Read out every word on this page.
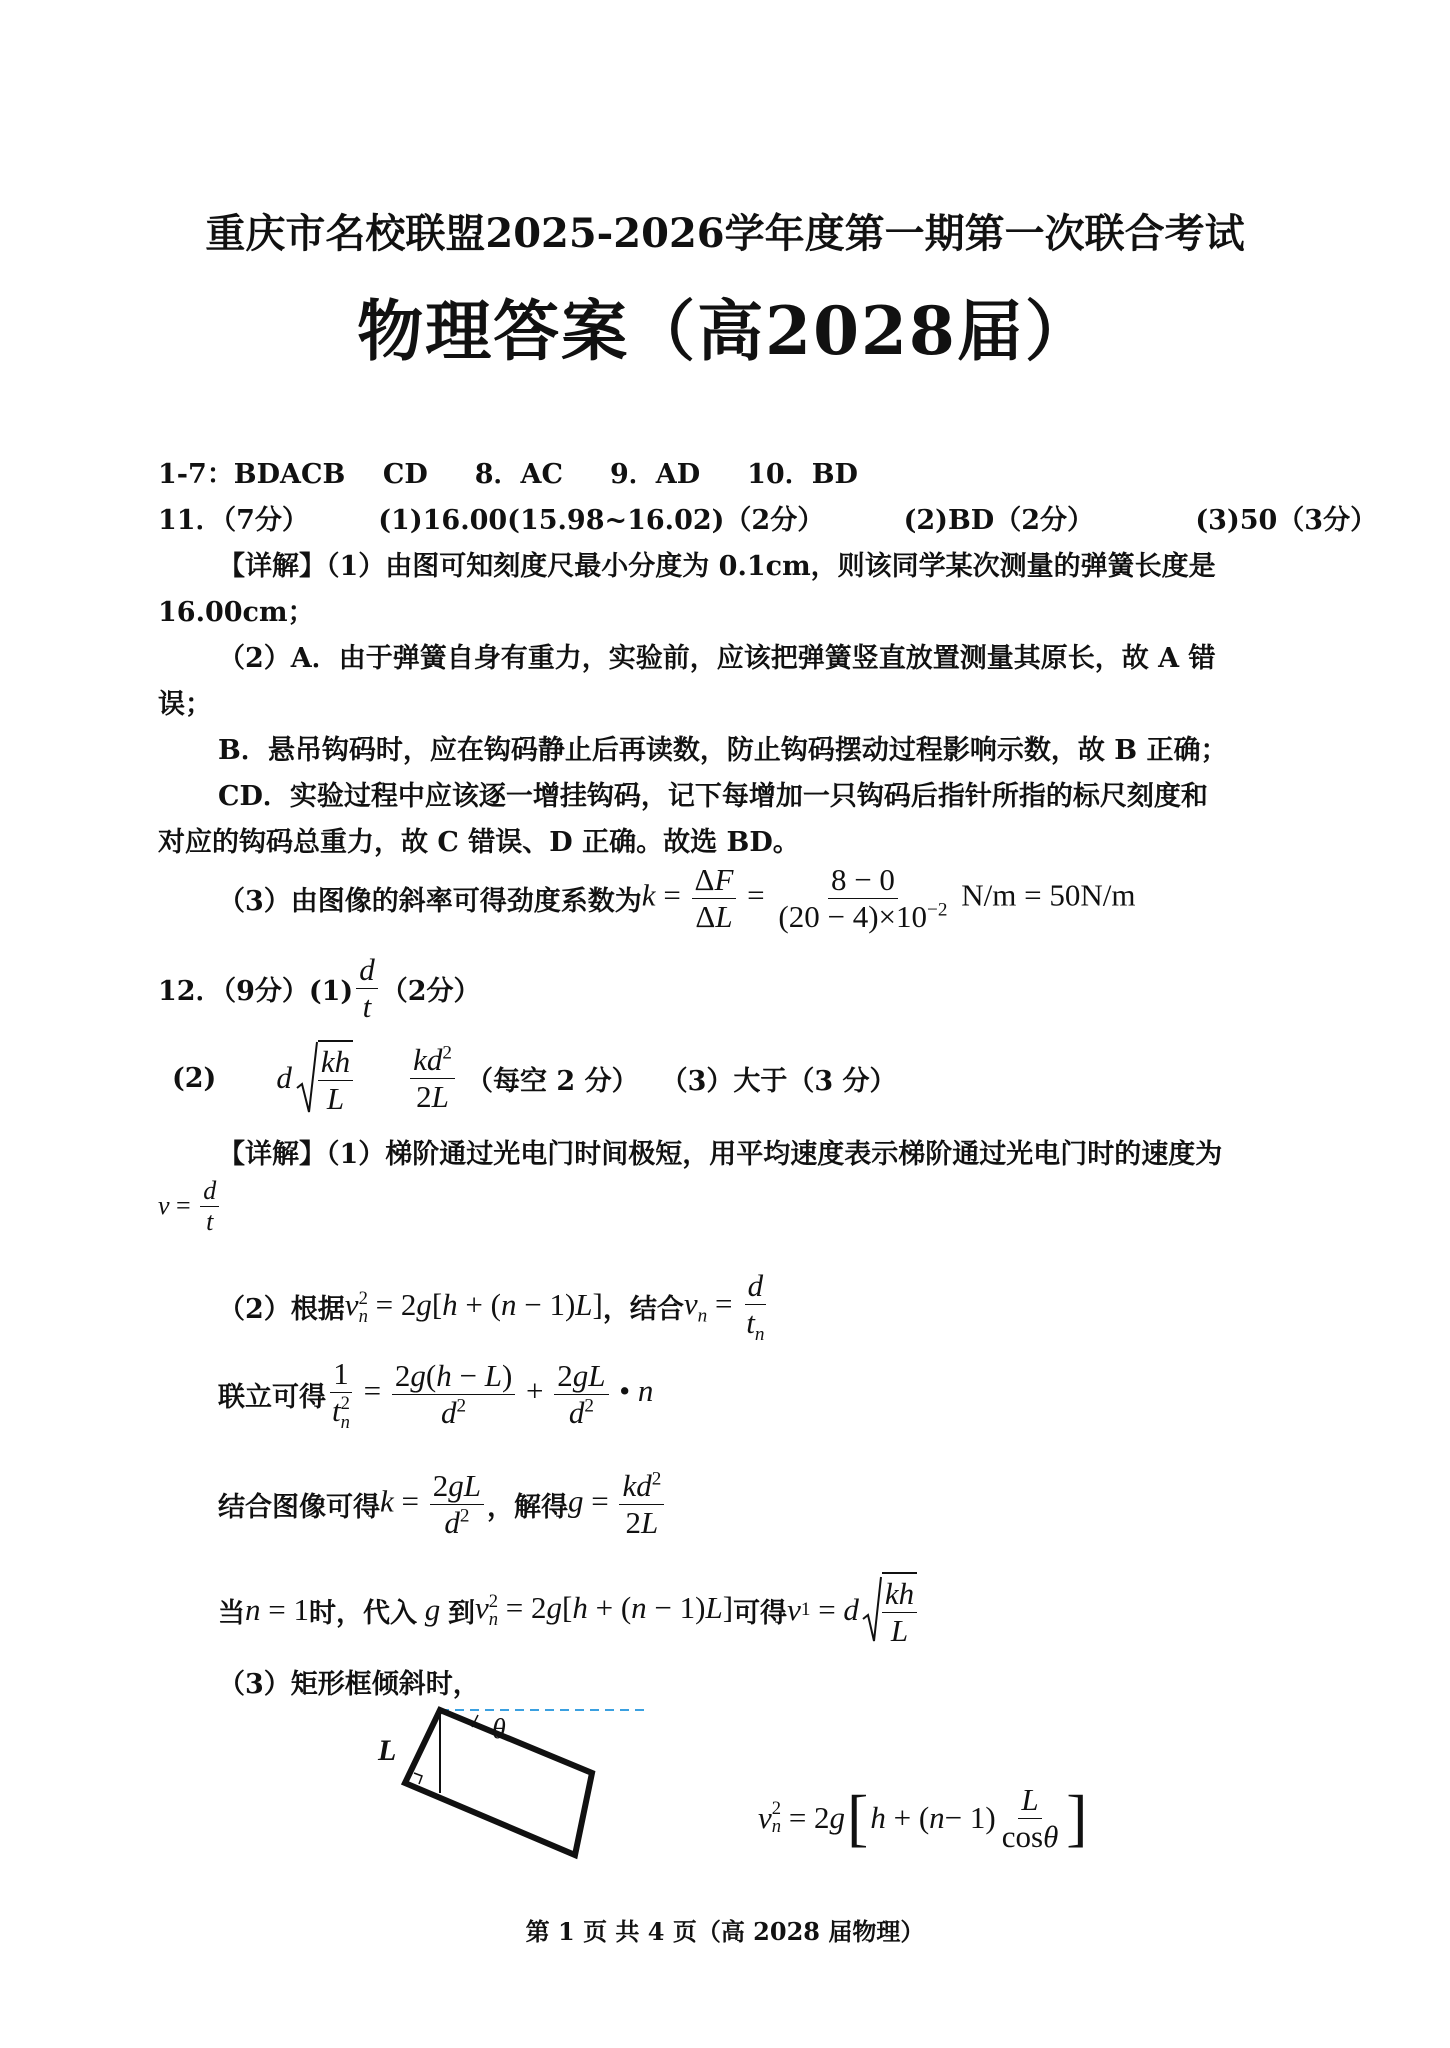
重庆市名校联盟2025-2026学年度第一期第一次联合考试
物理答案（高2028届）
1-7：BDACB    CD     8．AC     9．AD     10．BD
11．（7分）	(1)16.00(15.98~16.02)（2分）	(2)BD（2分）	(3)50（3分）
【详解】（1）由图可知刻度尺最小分度为 0.1cm，则该同学某次测量的弹簧长度是
16.00cm；
（2）A．由于弹簧自身有重力，实验前，应该把弹簧竖直放置测量其原长，故 A 错
误；
B．悬吊钩码时，应在钩码静止后再读数，防止钩码摆动过程影响示数，故 B 正确；
CD．实验过程中应该逐一增挂钩码，记下每增加一只钩码后指针所指的标尺刻度和
对应的钩码总重力，故 C 错误、D 正确。故选 BD。
（3）由图像的斜率可得劲度系数为 $k = \frac{\Delta F}{\Delta L} = \frac{8 - 0}{(20 - 4)\times 10^{-2}} N/m = 50N/m$
12．（9分）$(1) \frac{d}{t} (2$分）
(2) d $\frac{kh}{L} \frac{kd^2}{2L}$ （每空 2 分） （3）大于（3 分）
【详解】（1）梯阶通过光电门时间极短，用平均速度表示梯阶通过光电门时的速度为
$v = \frac{d}{t}$
（2）根据 v 2
n = 2g[h + (n − 1)L] ，结合 $v_n = \frac{d}{t_n}$
联立可得 1
t 2
$n = \frac{2g(h - L)}{d^2} + \frac{2gL}{d^2}$ • n
结合图像可得 $k = \frac{2gL}{d^2}$ ，解得 $g = \frac{kd^2}{2L}$
当 n = 1 时，代入 g 到 v 2
n = 2g[h + (n − 1)L] 可得 v 1 = d $\frac{kh}{L}$
（3）矩形框倾斜时，
L
θ
v 2
n = 2 g [ h + ( $n - 1) \frac{L}{\cos\theta}$ ]
第 1 页 共 4 页（高 2028 届物理）
